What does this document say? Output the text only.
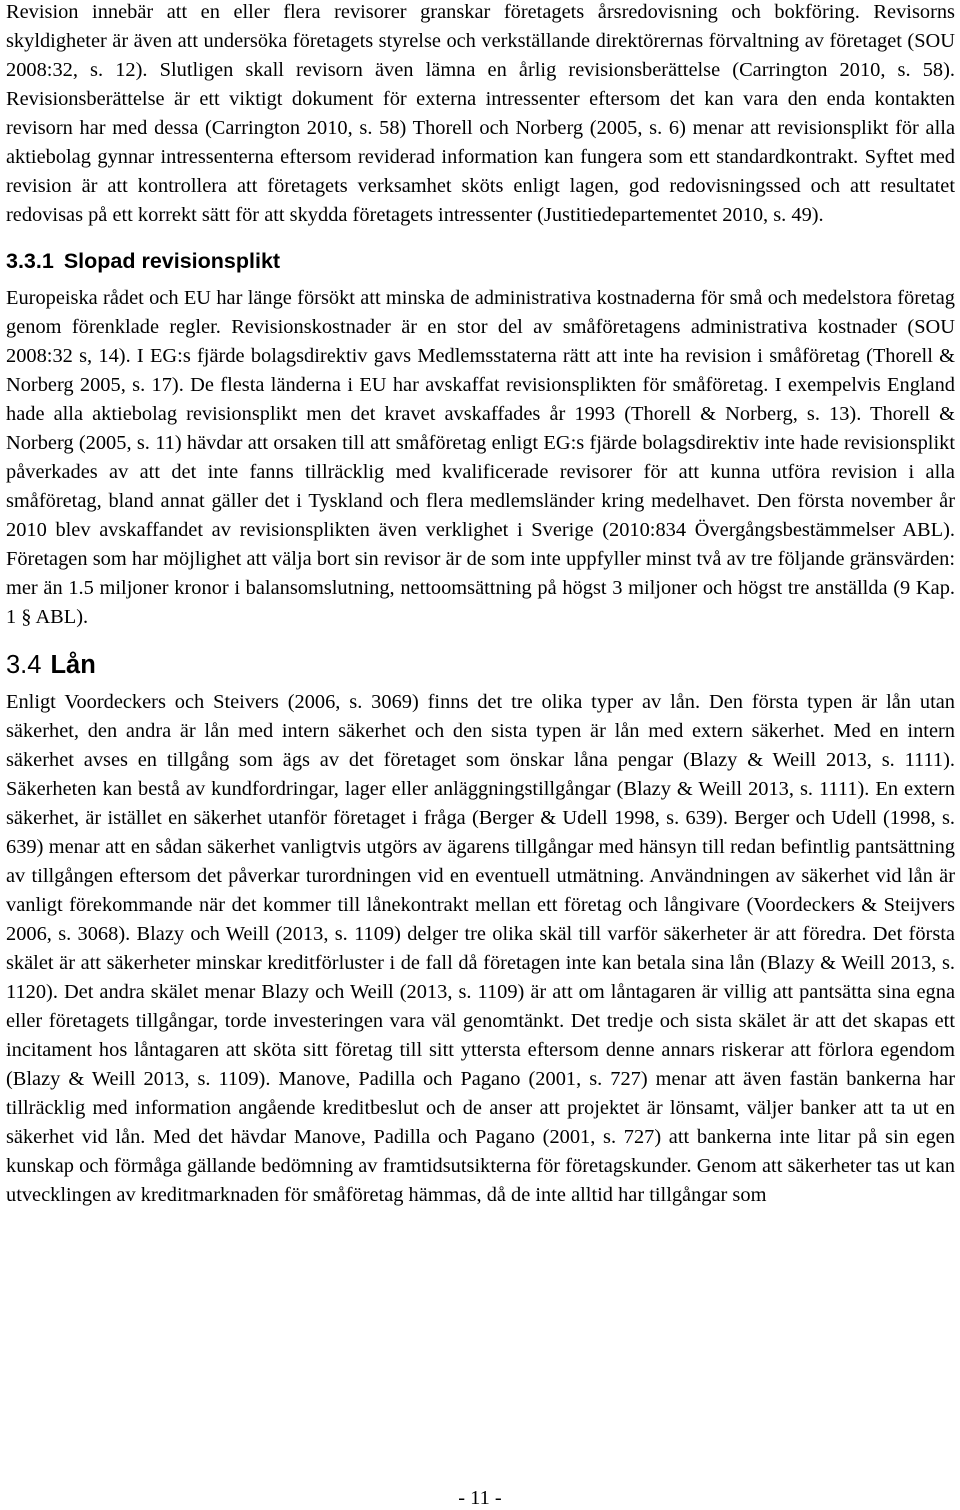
Revision innebär att en eller flera revisorer granskar företagets årsredovisning och bokföring. Revisorns skyldigheter är även att undersöka företagets styrelse och verkställande direktörernas förvaltning av företaget (SOU 2008:32, s. 12). Slutligen skall revisorn även lämna en årlig revisionsberättelse (Carrington 2010, s. 58). Revisionsberättelse är ett viktigt dokument för externa intressenter eftersom det kan vara den enda kontakten revisorn har med dessa (Carrington 2010, s. 58) Thorell och Norberg (2005, s. 6) menar att revisionsplikt för alla aktiebolag gynnar intressenterna eftersom reviderad information kan fungera som ett standardkontrakt. Syftet med revision är att kontrollera att företagets verksamhet sköts enligt lagen, god redovisningssed och att resultatet redovisas på ett korrekt sätt för att skydda företagets intressenter (Justitiedepartementet 2010, s. 49).

3.3.1 Slopad revisionsplikt

Europeiska rådet och EU har länge försökt att minska de administrativa kostnaderna för små och medelstora företag genom förenklade regler. Revisionskostnader är en stor del av småföretagens administrativa kostnader (SOU 2008:32 s, 14). I EG:s fjärde bolagsdirektiv gavs Medlemsstaterna rätt att inte ha revision i småföretag (Thorell & Norberg 2005, s. 17). De flesta länderna i EU har avskaffat revisionsplikten för småföretag. I exempelvis England hade alla aktiebolag revisionsplikt men det kravet avskaffades år 1993 (Thorell & Norberg, s. 13). Thorell & Norberg (2005, s. 11) hävdar att orsaken till att småföretag enligt EG:s fjärde bolagsdirektiv inte hade revisionsplikt påverkades av att det inte fanns tillräcklig med kvalificerade revisorer för att kunna utföra revision i alla småföretag, bland annat gäller det i Tyskland och flera medlemsländer kring medelhavet. Den första november år 2010 blev avskaffandet av revisionsplikten även verklighet i Sverige (2010:834 Övergångsbestämmelser ABL). Företagen som har möjlighet att välja bort sin revisor är de som inte uppfyller minst två av tre följande gränsvärden: mer än 1.5 miljoner kronor i balansomslutning, nettoomsättning på högst 3 miljoner och högst tre anställda (9 Kap. 1 § ABL).

3.4 Lån

Enligt Voordeckers och Steivers (2006, s. 3069) finns det tre olika typer av lån. Den första typen är lån utan säkerhet, den andra är lån med intern säkerhet och den sista typen är lån med extern säkerhet. Med en intern säkerhet avses en tillgång som ägs av det företaget som önskar låna pengar (Blazy & Weill 2013, s. 1111). Säkerheten kan bestå av kundfordringar, lager eller anläggningstillgångar (Blazy & Weill 2013, s. 1111). En extern säkerhet, är istället en säkerhet utanför företaget i fråga (Berger & Udell 1998, s. 639). Berger och Udell (1998, s. 639) menar att en sådan säkerhet vanligtvis utgörs av ägarens tillgångar med hänsyn till redan befintlig pantsättning av tillgången eftersom det påverkar turordningen vid en eventuell utmätning. Användningen av säkerhet vid lån är vanligt förekommande när det kommer till lånekontrakt mellan ett företag och långivare (Voordeckers & Steijvers 2006, s. 3068). Blazy och Weill (2013, s. 1109) delger tre olika skäl till varför säkerheter är att föredra. Det första skälet är att säkerheter minskar kreditförluster i de fall då företagen inte kan betala sina lån (Blazy & Weill 2013, s. 1120). Det andra skälet menar Blazy och Weill (2013, s. 1109) är att om låntagaren är villig att pantsätta sina egna eller företagets tillgångar, torde investeringen vara väl genomtänkt. Det tredje och sista skälet är att det skapas ett incitament hos låntagaren att sköta sitt företag till sitt yttersta eftersom denne annars riskerar att förlora egendom (Blazy & Weill 2013, s. 1109). Manove, Padilla och Pagano (2001, s. 727) menar att även fastän bankerna har tillräcklig med information angående kreditbeslut och de anser att projektet är lönsamt, väljer banker att ta ut en säkerhet vid lån. Med det hävdar Manove, Padilla och Pagano (2001, s. 727) att bankerna inte litar på sin egen kunskap och förmåga gällande bedömning av framtidsutsikterna för företagskunder. Genom att säkerheter tas ut kan utvecklingen av kreditmarknaden för småföretag hämmas, då de inte alltid har tillgångar som

- 11 -
